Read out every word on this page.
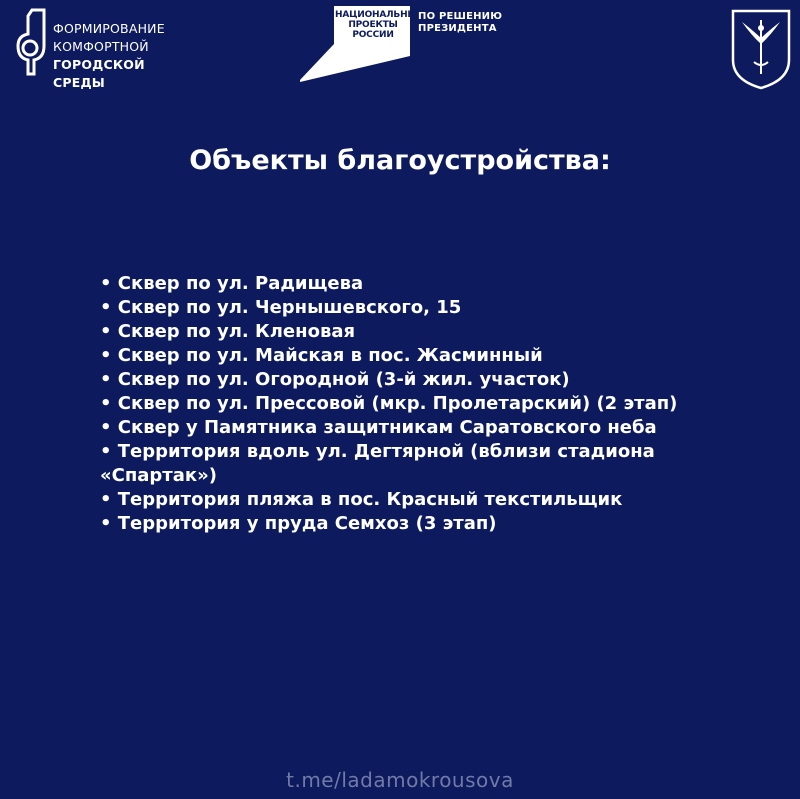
ФОРМИРОВАНИЕ
КОМФОРТНОЙ
ГОРОДСКОЙ СРЕДЫ
НАЦИОНАЛЬНЫЕ
ПРОЕКТЫ
РОССИИ
ПО РЕШЕНИЮ
ПРЕЗИДЕНТА
Объекты благоустройства:
• Сквер по ул. Радищева
• Сквер по ул. Чернышевского, 15
• Сквер по ул. Кленовая
• Сквер по ул. Майская в пос. Жасминный
• Сквер по ул. Огородной (3-й жил. участок)
• Сквер по ул. Прессовой (мкр. Пролетарский) (2 этап)
• Сквер у Памятника защитникам Саратовского неба
• Территория вдоль ул. Дегтярной (вблизи стадиона «Спартак»)
• Территория пляжа в пос. Красный текстильщик
• Территория у пруда Семхоз (3 этап)
t.me/ladamokrousova
